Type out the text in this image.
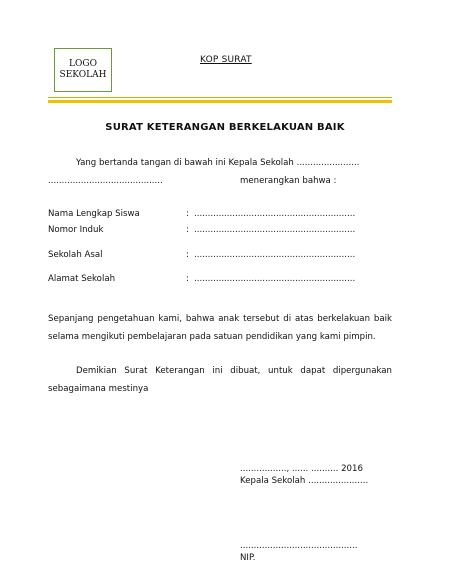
LOGO
SEKOLAH
KOP SURAT
SURAT KETERANGAN BERKELAKUAN BAIK
Yang bertanda tangan di bawah ini Kepala Sekolah .......................
..........................................	menerangkan bahwa :
Nama Lengkap Siswa	: ...........................................................
Nomor Induk	: ...........................................................
Sekolah Asal	: ...........................................................
Alamat Sekolah	: ...........................................................
Sepanjang pengetahuan kami, bahwa anak tersebut di atas berkelakuan baik selama mengikuti pembelajaran pada satuan pendidikan yang kami pimpin.
Demikian Surat Keterangan ini dibuat, untuk dapat dipergunakan sebagaimana mestinya
................., ...... .......... 2016
Kepala Sekolah ......................
...........................................
NIP.
